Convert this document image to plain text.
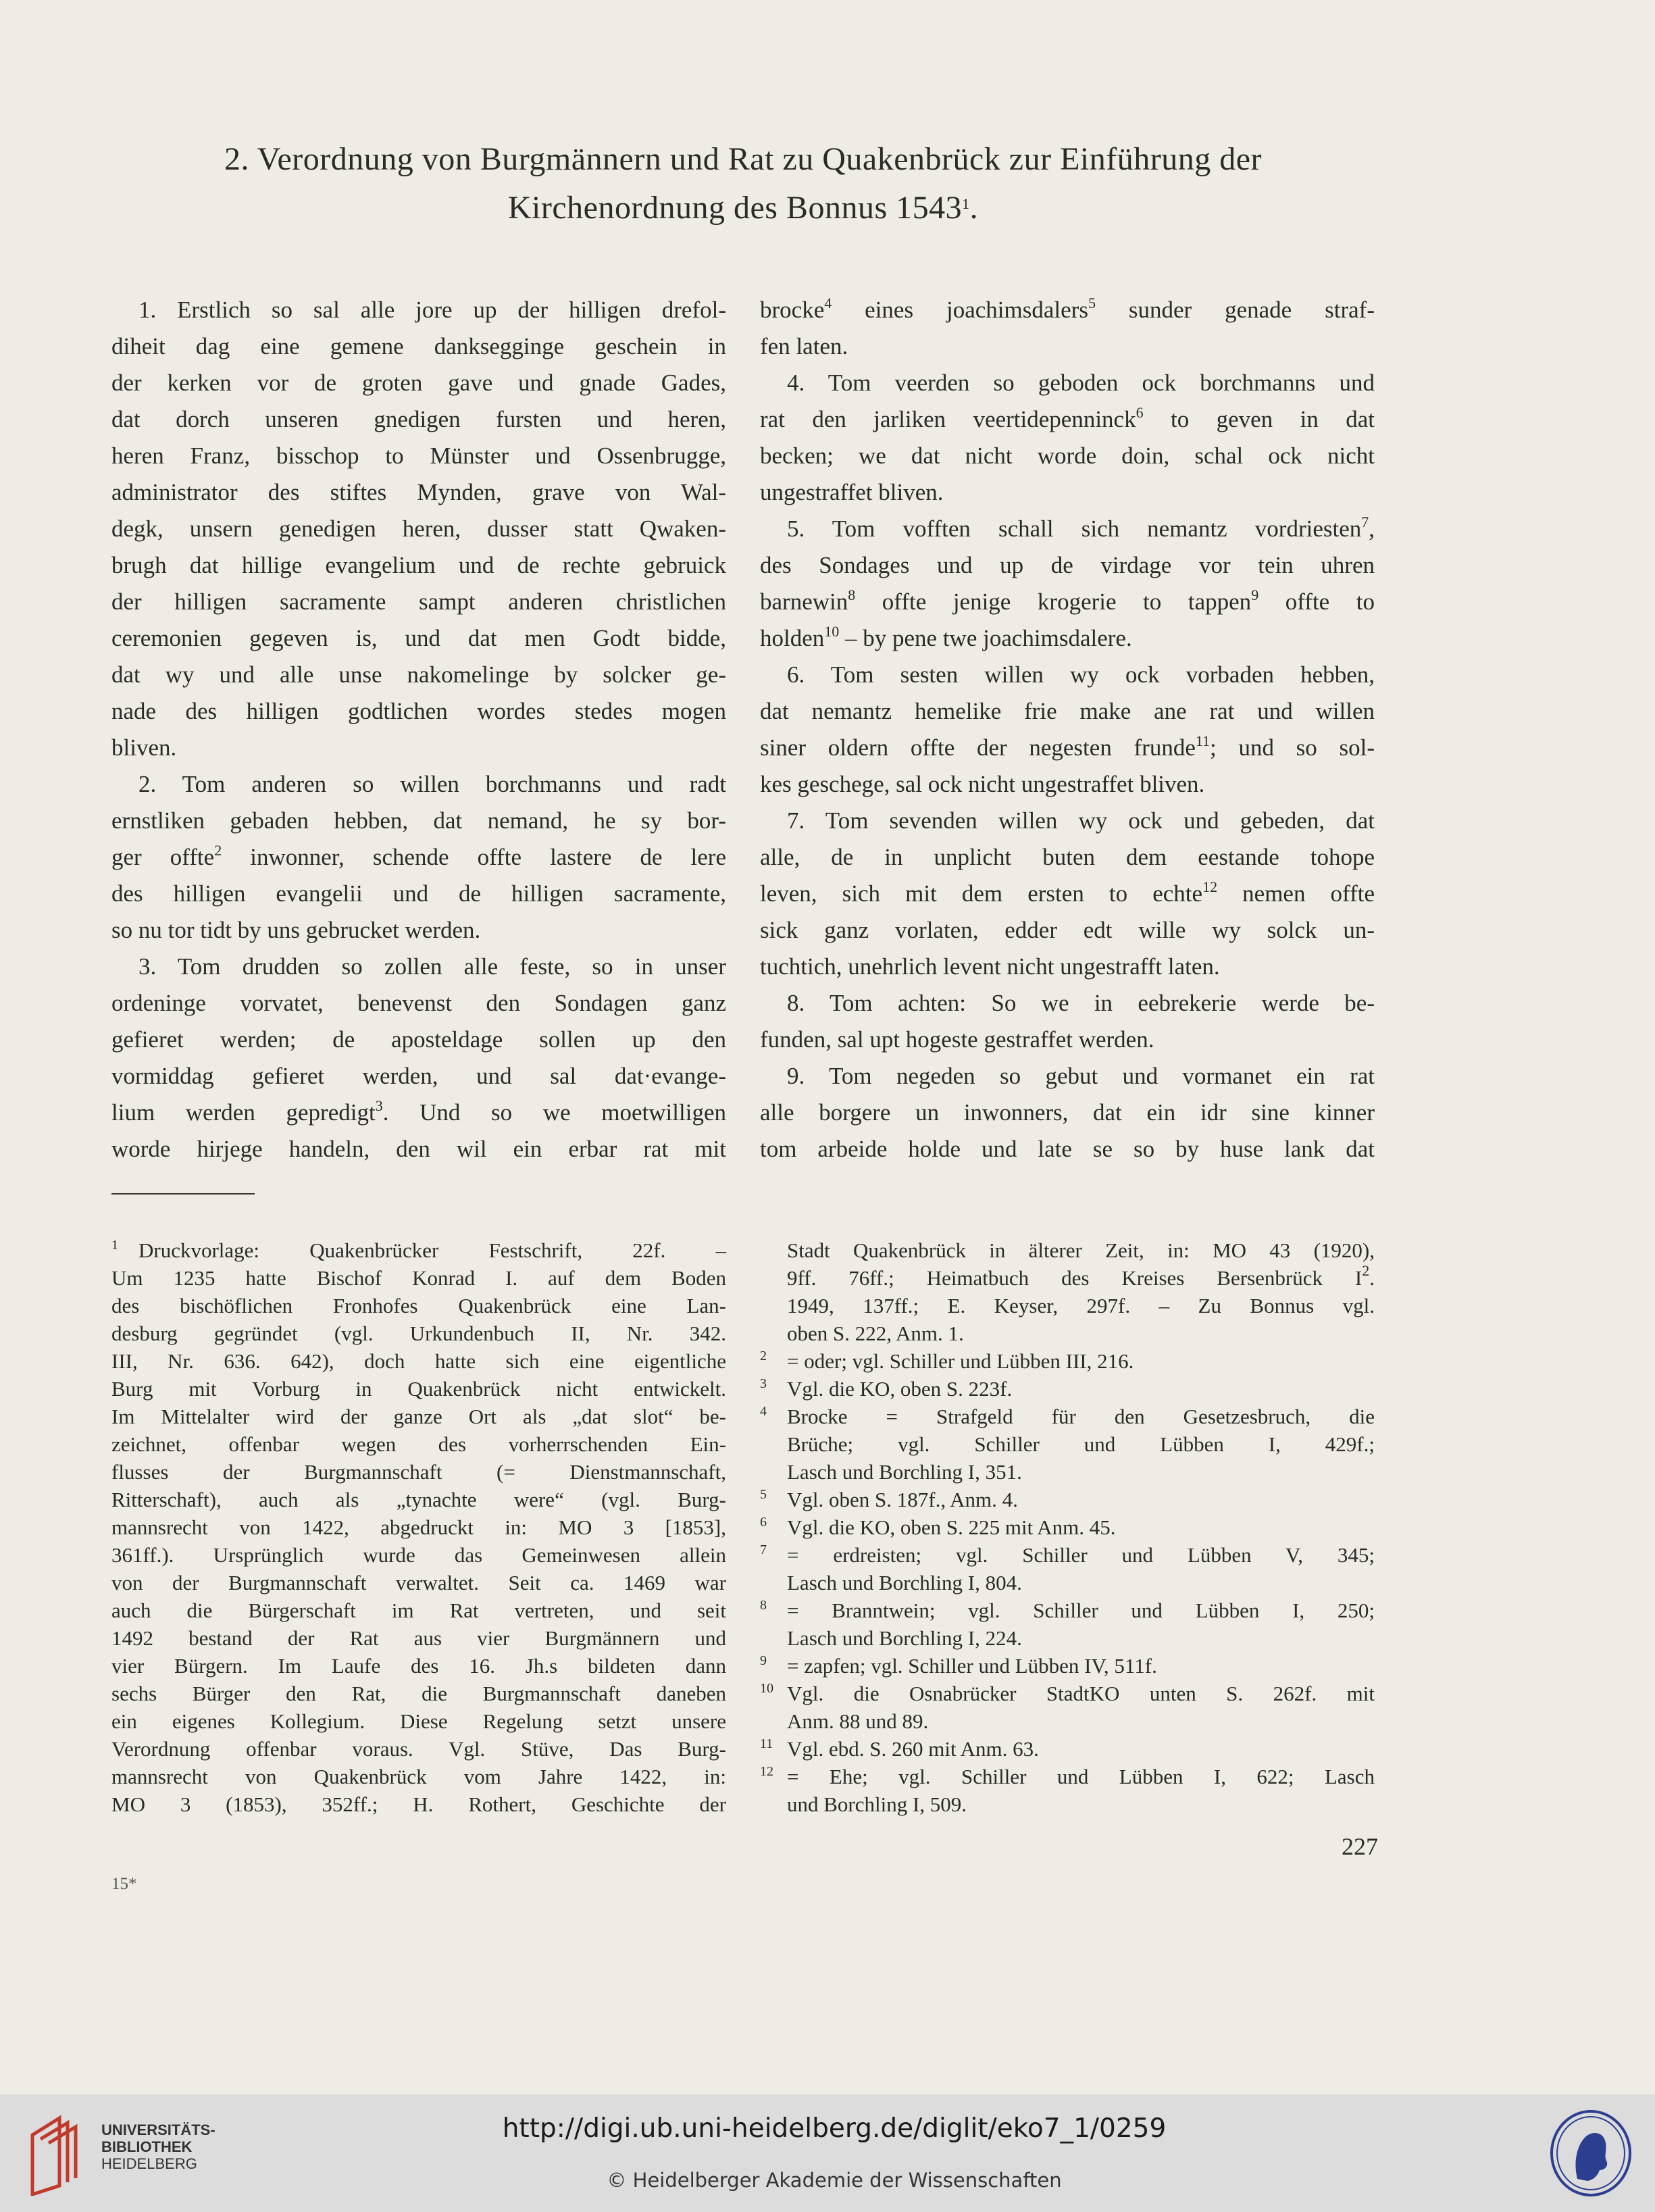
2. Verordnung von Burgmännern und Rat zu Quakenbrück zur Einführung der
Kirchenordnung des Bonnus 1543$^1$.
1. Erstlich so sal alle jore up der hilligen drefol-
diheit dag eine gemene danksegginge geschein in
der kerken vor de groten gave und gnade Gades,
dat dorch unseren gnedigen fursten und heren,
heren Franz, bisschop to Münster und Ossenbrugge,
administrator des stiftes Mynden, grave von Wal-
degk, unsern genedigen heren, dusser statt Qwaken-
brugh dat hillige evangelium und de rechte gebruick
der hilligen sacramente sampt anderen christlichen
ceremonien gegeven is, und dat men Godt bidde,
dat wy und alle unse nakomelinge by solcker ge-
nade des hilligen godtlichen wordes stedes mogen
bliven.
2. Tom anderen so willen borchmanns und radt
ernstliken gebaden hebben, dat nemand, he sy bor-
ger offte$^2$ inwonner, schende offte lastere de lere
des hilligen evangelii und de hilligen sacramente,
so nu tor tidt by uns gebrucket werden.
3. Tom drudden so zollen alle feste, so in unser
ordeninge vorvatet, benevenst den Sondagen ganz
gefieret werden; de aposteldage sollen up den
vormiddag gefieret werden, und sal dat·evange-
lium werden gepredigt$^3$. Und so we moetwilligen
worde hirjege handeln, den wil ein erbar rat mit
brocke$^4$ eines joachimsdalers$^5$ sunder genade straf-
fen laten.
4. Tom veerden so geboden ock borchmanns und
rat den jarliken veertidepenninck$^6$ to geven in dat
becken; we dat nicht worde doin, schal ock nicht
ungestraffet bliven.
5. Tom vofften schall sich nemantz vordriesten$^7$,
des Sondages und up de virdage vor tein uhren
barnewin$^8$ offte jenige krogerie to tappen$^9$ offte to
holden$^{10}$ – by pene twe joachimsdalere.
6. Tom sesten willen wy ock vorbaden hebben,
dat nemantz hemelike frie make ane rat und willen
siner oldern offte der negesten frunde$^{11}$; und so sol-
kes geschege, sal ock nicht ungestraffet bliven.
7. Tom sevenden willen wy ock und gebeden, dat
alle, de in unplicht buten dem eestande tohope
leven, sich mit dem ersten to echte$^{12}$ nemen offte
sick ganz vorlaten, edder edt wille wy solck un-
tuchtich, unehrlich levent nicht ungestrafft laten.
8. Tom achten: So we in eebrekerie werde be-
funden, sal upt hogeste gestraffet werden.
9. Tom negeden so gebut und vormanet ein rat
alle borgere un inwonners, dat ein idr sine kinner
tom arbeide holde und late se so by huse lank dat
$^1$ Druckvorlage: Quakenbrücker Festschrift, 22f. –
Um 1235 hatte Bischof Konrad I. auf dem Boden
des bischöflichen Fronhofes Quakenbrück eine Lan-
desburg gegründet (vgl. Urkundenbuch II, Nr. 342.
III, Nr. 636. 642), doch hatte sich eine eigentliche
Burg mit Vorburg in Quakenbrück nicht entwickelt.
Im Mittelalter wird der ganze Ort als „dat slot“ be-
zeichnet, offenbar wegen des vorherrschenden Ein-
flusses der Burgmannschaft (= Dienstmannschaft,
Ritterschaft), auch als „tynachte were“ (vgl. Burg-
mannsrecht von 1422, abgedruckt in: MO 3 [1853],
361ff.). Ursprünglich wurde das Gemeinwesen allein
von der Burgmannschaft verwaltet. Seit ca. 1469 war
auch die Bürgerschaft im Rat vertreten, und seit
1492 bestand der Rat aus vier Burgmännern und
vier Bürgern. Im Laufe des 16. Jh.s bildeten dann
sechs Bürger den Rat, die Burgmannschaft daneben
ein eigenes Kollegium. Diese Regelung setzt unsere
Verordnung offenbar voraus. Vgl. Stüve, Das Burg-
mannsrecht von Quakenbrück vom Jahre 1422, in:
MO 3 (1853), 352ff.; H. Rothert, Geschichte der
Stadt Quakenbrück in älterer Zeit, in: MO 43 (1920),
9ff. 76ff.; Heimatbuch des Kreises Bersenbrück $I^2$.
1949, 137ff.; E. Keyser, 297f. – Zu Bonnus vgl.
oben S. 222, Anm. 1.
$^2$ = oder; vgl. Schiller und Lübben III, 216.
$^3$ Vgl. die KO, oben S. 223f.
$^4$ Brocke = Strafgeld für den Gesetzesbruch, die
Brüche; vgl. Schiller und Lübben I, 429f.;
Lasch und Borchling I, 351.
$^5$ Vgl. oben S. 187f., Anm. 4.
$^6$ Vgl. die KO, oben S. 225 mit Anm. 45.
$^7$ = erdreisten; vgl. Schiller und Lübben V, 345;
Lasch und Borchling I, 804.
$^8$ = Branntwein; vgl. Schiller und Lübben I, 250;
Lasch und Borchling I, 224.
$^9$ = zapfen; vgl. Schiller und Lübben IV, 511f.
$^{10}$ Vgl. die Osnabrücker StadtKO unten S. 262f. mit
Anm. 88 und 89.
$^{11}$ Vgl. ebd. S. 260 mit Anm. 63.
$^{12}$ = Ehe; vgl. Schiller und Lübben I, 622; Lasch
und Borchling I, 509.
227
15*
UNIVERSITÄTS-
BIBLIOTHEK
HEIDELBERG
http://digi.ub.uni-heidelberg.de/diglit/eko7_1/0259
© Heidelberger Akademie der Wissenschaften
